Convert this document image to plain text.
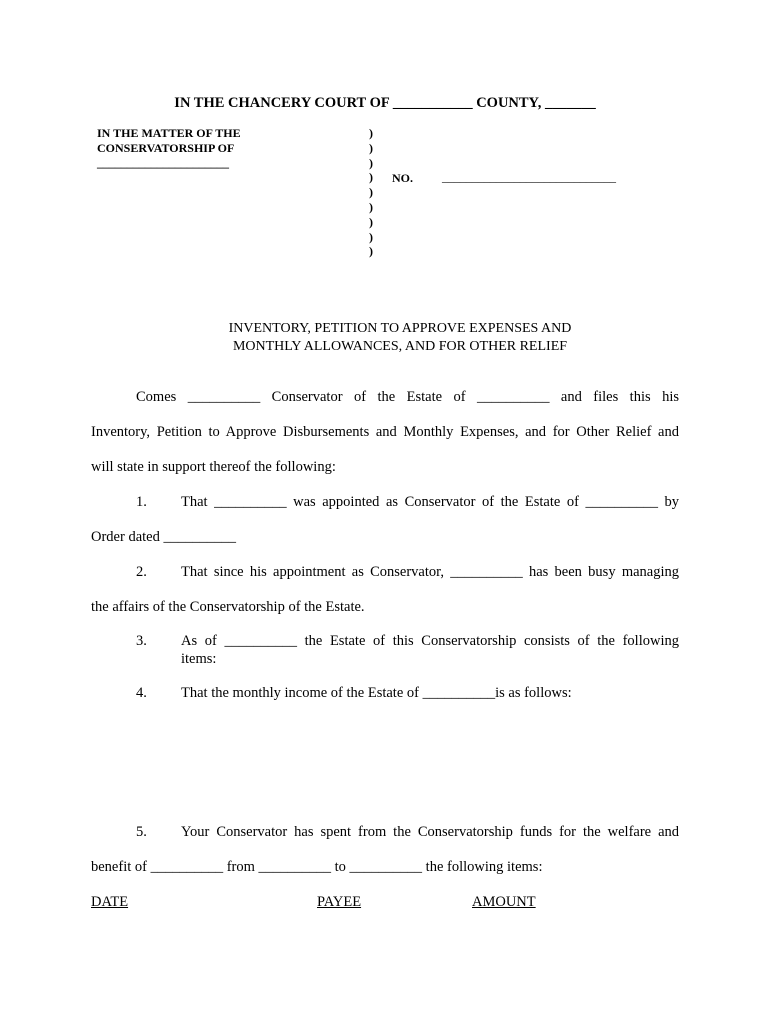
IN THE CHANCERY COURT OF ___________ COUNTY, _______
IN THE MATTER OF THE
CONSERVATORSHIP OF
______________________
)
)
)
)
)
)
)
)
)
NO. _____________________________
INVENTORY, PETITION TO APPROVE EXPENSES AND
MONTHLY ALLOWANCES, AND FOR OTHER RELIEF
Comes __________ Conservator of the Estate of __________ and files this his
Inventory, Petition to Approve Disbursements and Monthly Expenses, and for Other Relief and
will state in support thereof the following:
1. That __________ was appointed as Conservator of the Estate of __________ by
Order dated __________
2. That since his appointment as Conservator, __________ has been busy managing
the affairs of the Conservatorship of the Estate.
3. As of __________ the Estate of this Conservatorship consists of the following
items:
4. That the monthly income of the Estate of __________is as follows:
5. Your Conservator has spent from the Conservatorship funds for the welfare and
benefit of __________ from __________ to __________ the following items:
DATE	PAYEE	AMOUNT
